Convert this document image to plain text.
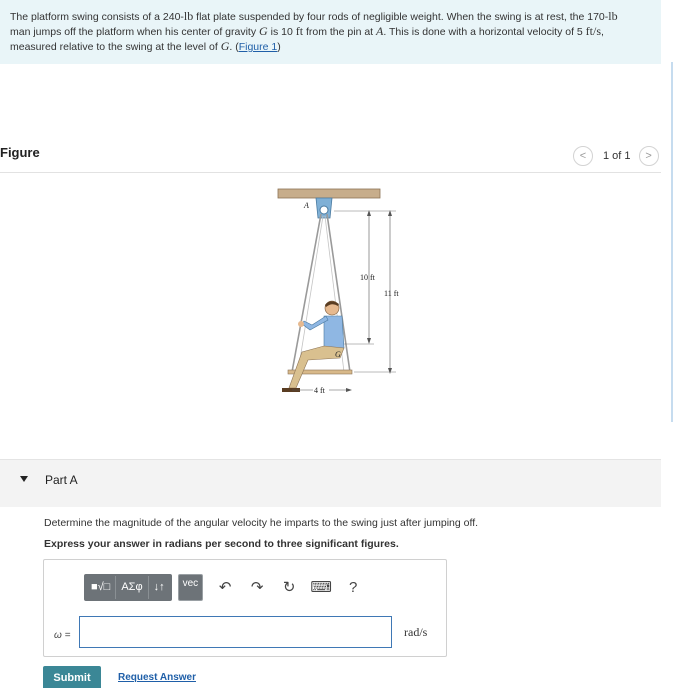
The platform swing consists of a 240-lb flat plate suspended by four rods of negligible weight. When the swing is at rest, the 170-lb
man jumps off the platform when his center of gravity G is 10 ft from the pin at A. This is done with a horizontal velocity of 5 ft/s,
measured relative to the swing at the level of G. (Figure 1)
Figure	< 1 of 1 >
G
A
10 ft
11 ft
4 ft
Part A
Determine the magnitude of the angular velocity he imparts to the swing just after jumping off.
Express your answer in radians per second to three significant figures.
■√□ AΣφ ↓↑ vec ↶ ↷ ↻ ⌨ ?
ω =	rad/s
Submit	Request Answer
